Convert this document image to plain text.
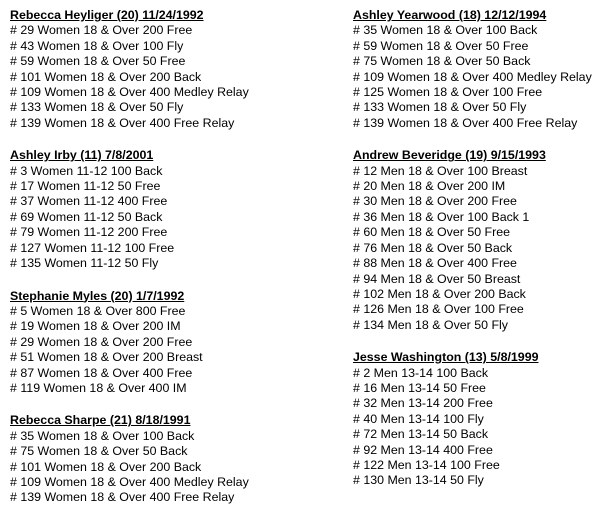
Rebecca Heyliger (20) 11/24/1992
# 29 Women 18 & Over 200 Free
# 43 Women 18 & Over 100 Fly
# 59 Women 18 & Over 50 Free
# 101 Women 18 & Over 200 Back
# 109 Women 18 & Over 400 Medley Relay
# 133 Women 18 & Over 50 Fly
# 139 Women 18 & Over 400 Free Relay
Ashley Irby (11) 7/8/2001
# 3 Women 11-12 100 Back
# 17 Women 11-12 50 Free
# 37 Women 11-12 400 Free
# 69 Women 11-12 50 Back
# 79 Women 11-12 200 Free
# 127 Women 11-12 100 Free
# 135 Women 11-12 50 Fly
Stephanie Myles (20) 1/7/1992
# 5 Women 18 & Over 800 Free
# 19 Women 18 & Over 200 IM
# 29 Women 18 & Over 200 Free
# 51 Women 18 & Over 200 Breast
# 87 Women 18 & Over 400 Free
# 119 Women 18 & Over 400 IM
Rebecca Sharpe (21) 8/18/1991
# 35 Women 18 & Over 100 Back
# 75 Women 18 & Over 50 Back
# 101 Women 18 & Over 200 Back
# 109 Women 18 & Over 400 Medley Relay
# 139 Women 18 & Over 400 Free Relay
Ashley Yearwood (18) 12/12/1994
# 35 Women 18 & Over 100 Back
# 59 Women 18 & Over 50 Free
# 75 Women 18 & Over 50 Back
# 109 Women 18 & Over 400 Medley Relay
# 125 Women 18 & Over 100 Free
# 133 Women 18 & Over 50 Fly
# 139 Women 18 & Over 400 Free Relay
Andrew Beveridge (19) 9/15/1993
# 12 Men 18 & Over 100 Breast
# 20 Men 18 & Over 200 IM
# 30 Men 18 & Over 200 Free
# 36 Men 18 & Over 100 Back 1
# 60 Men 18 & Over 50 Free
# 76 Men 18 & Over 50 Back
# 88 Men 18 & Over 400 Free
# 94 Men 18 & Over 50 Breast
# 102 Men 18 & Over 200 Back
# 126 Men 18 & Over 100 Free
# 134 Men 18 & Over 50 Fly
Jesse Washington (13) 5/8/1999
# 2 Men 13-14 100 Back
# 16 Men 13-14 50 Free
# 32 Men 13-14 200 Free
# 40 Men 13-14 100 Fly
# 72 Men 13-14 50 Back
# 92 Men 13-14 400 Free
# 122 Men 13-14 100 Free
# 130 Men 13-14 50 Fly
